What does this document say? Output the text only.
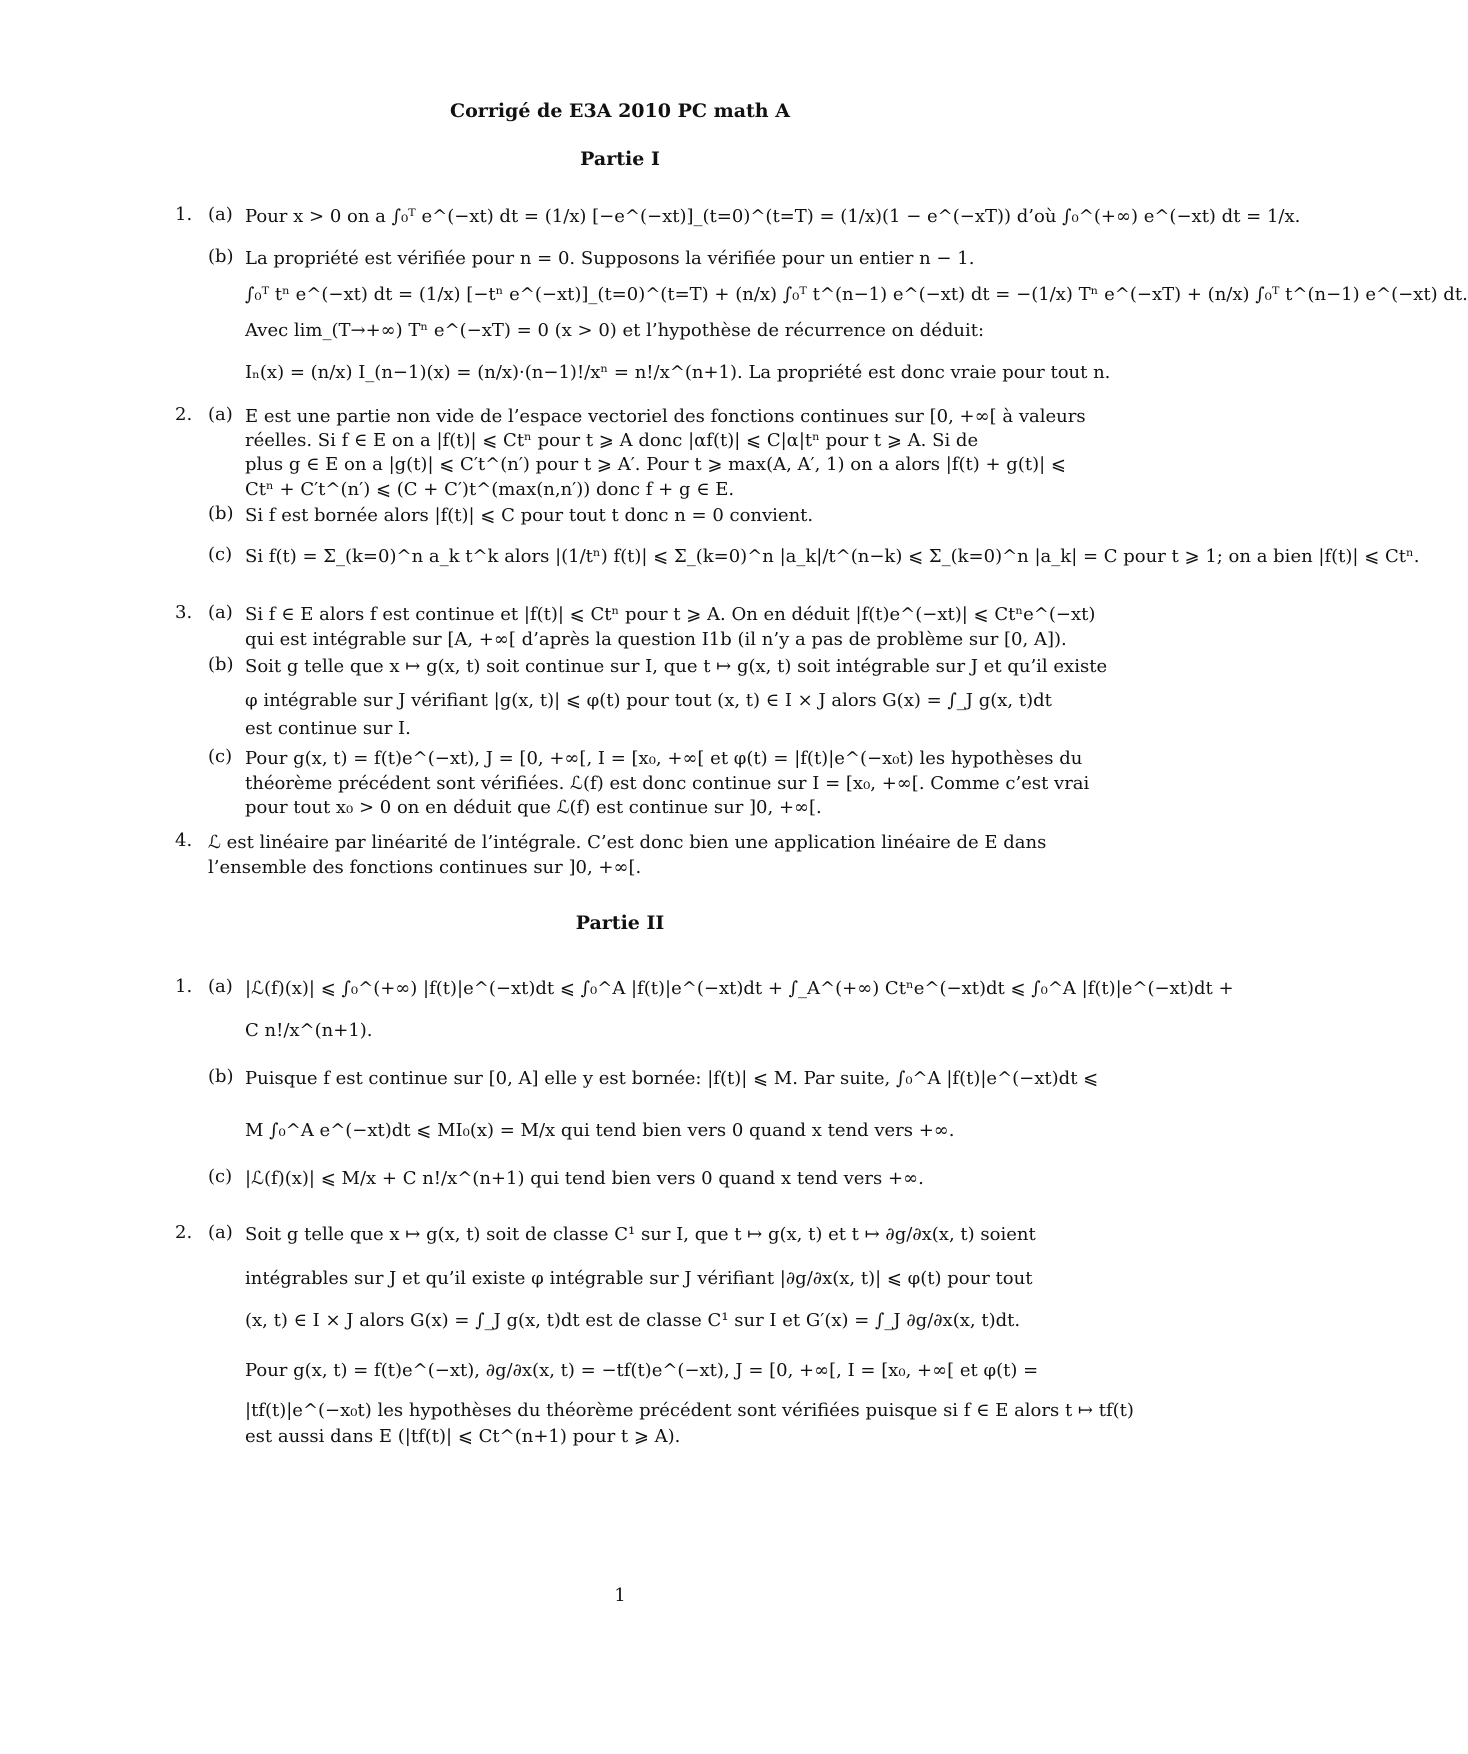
Corrigé de E3A 2010 PC math A
Partie I
1. (a) Pour x > 0 on a ∫₀ᵀ e^(−xt) dt = (1/x) [−e^(−xt)]_(t=0)^(t=T) = (1/x)(1 − e^(−xT)) d’où ∫₀^(+∞) e^(−xt) dt = 1/x.
(b) La propriété est vérifiée pour n = 0. Supposons la vérifiée pour un entier n − 1.
∫₀ᵀ tⁿ e^(−xt) dt = (1/x) [−tⁿ e^(−xt)]_(t=0)^(t=T) + (n/x) ∫₀ᵀ t^(n−1) e^(−xt) dt = −(1/x) Tⁿ e^(−xT) + (n/x) ∫₀ᵀ t^(n−1) e^(−xt) dt.
Avec lim_(T→+∞) Tⁿ e^(−xT) = 0 (x > 0) et l’hypothèse de récurrence on déduit:
Iₙ(x) = (n/x) I_(n−1)(x) = (n/x)·(n−1)!/xⁿ = n!/x^(n+1). La propriété est donc vraie pour tout n.
2. (a) E est une partie non vide de l’espace vectoriel des fonctions continues sur [0, +∞[ à valeurs
réelles. Si f ∈ E on a |f(t)| ⩽ Ctⁿ pour t ⩾ A donc |αf(t)| ⩽ C|α|tⁿ pour t ⩾ A. Si de
plus g ∈ E on a |g(t)| ⩽ C′t^(n′) pour t ⩾ A′. Pour t ⩾ max(A, A′, 1) on a alors |f(t) + g(t)| ⩽
Ctⁿ + C′t^(n′) ⩽ (C + C′)t^(max(n,n′)) donc f + g ∈ E.
(b) Si f est bornée alors |f(t)| ⩽ C pour tout t donc n = 0 convient.
(c) Si f(t) = Σ_(k=0)^n a_k t^k alors |(1/tⁿ) f(t)| ⩽ Σ_(k=0)^n |a_k|/t^(n−k) ⩽ Σ_(k=0)^n |a_k| = C pour t ⩾ 1; on a bien |f(t)| ⩽ Ctⁿ.
3. (a) Si f ∈ E alors f est continue et |f(t)| ⩽ Ctⁿ pour t ⩾ A. On en déduit |f(t)e^(−xt)| ⩽ Ctⁿe^(−xt)
qui est intégrable sur [A, +∞[ d’après la question I1b (il n’y a pas de problème sur [0, A]).
(b) Soit g telle que x ↦ g(x, t) soit continue sur I, que t ↦ g(x, t) soit intégrable sur J et qu’il existe
φ intégrable sur J vérifiant |g(x, t)| ⩽ φ(t) pour tout (x, t) ∈ I × J alors G(x) = ∫_J g(x, t)dt
est continue sur I.
(c) Pour g(x, t) = f(t)e^(−xt), J = [0, +∞[, I = [x₀, +∞[ et φ(t) = |f(t)|e^(−x₀t) les hypothèses du
théorème précédent sont vérifiées. ℒ(f) est donc continue sur I = [x₀, +∞[. Comme c’est vrai
pour tout x₀ > 0 on en déduit que ℒ(f) est continue sur ]0, +∞[.
4. ℒ est linéaire par linéarité de l’intégrale. C’est donc bien une application linéaire de E dans
l’ensemble des fonctions continues sur ]0, +∞[.
Partie II
1. (a) |ℒ(f)(x)| ⩽ ∫₀^(+∞) |f(t)|e^(−xt)dt ⩽ ∫₀^A |f(t)|e^(−xt)dt + ∫_A^(+∞) Ctⁿe^(−xt)dt ⩽ ∫₀^A |f(t)|e^(−xt)dt +
C n!/x^(n+1).
(b) Puisque f est continue sur [0, A] elle y est bornée: |f(t)| ⩽ M. Par suite, ∫₀^A |f(t)|e^(−xt)dt ⩽
M ∫₀^A e^(−xt)dt ⩽ MI₀(x) = M/x qui tend bien vers 0 quand x tend vers +∞.
(c) |ℒ(f)(x)| ⩽ M/x + C n!/x^(n+1) qui tend bien vers 0 quand x tend vers +∞.
2. (a) Soit g telle que x ↦ g(x, t) soit de classe C¹ sur I, que t ↦ g(x, t) et t ↦ ∂g/∂x(x, t) soient
intégrables sur J et qu’il existe φ intégrable sur J vérifiant |∂g/∂x(x, t)| ⩽ φ(t) pour tout
(x, t) ∈ I × J alors G(x) = ∫_J g(x, t)dt est de classe C¹ sur I et G′(x) = ∫_J ∂g/∂x(x, t)dt.
Pour g(x, t) = f(t)e^(−xt), ∂g/∂x(x, t) = −tf(t)e^(−xt), J = [0, +∞[, I = [x₀, +∞[ et φ(t) =
|tf(t)|e^(−x₀t) les hypothèses du théorème précédent sont vérifiées puisque si f ∈ E alors t ↦ tf(t)
est aussi dans E (|tf(t)| ⩽ Ct^(n+1) pour t ⩾ A).
1
